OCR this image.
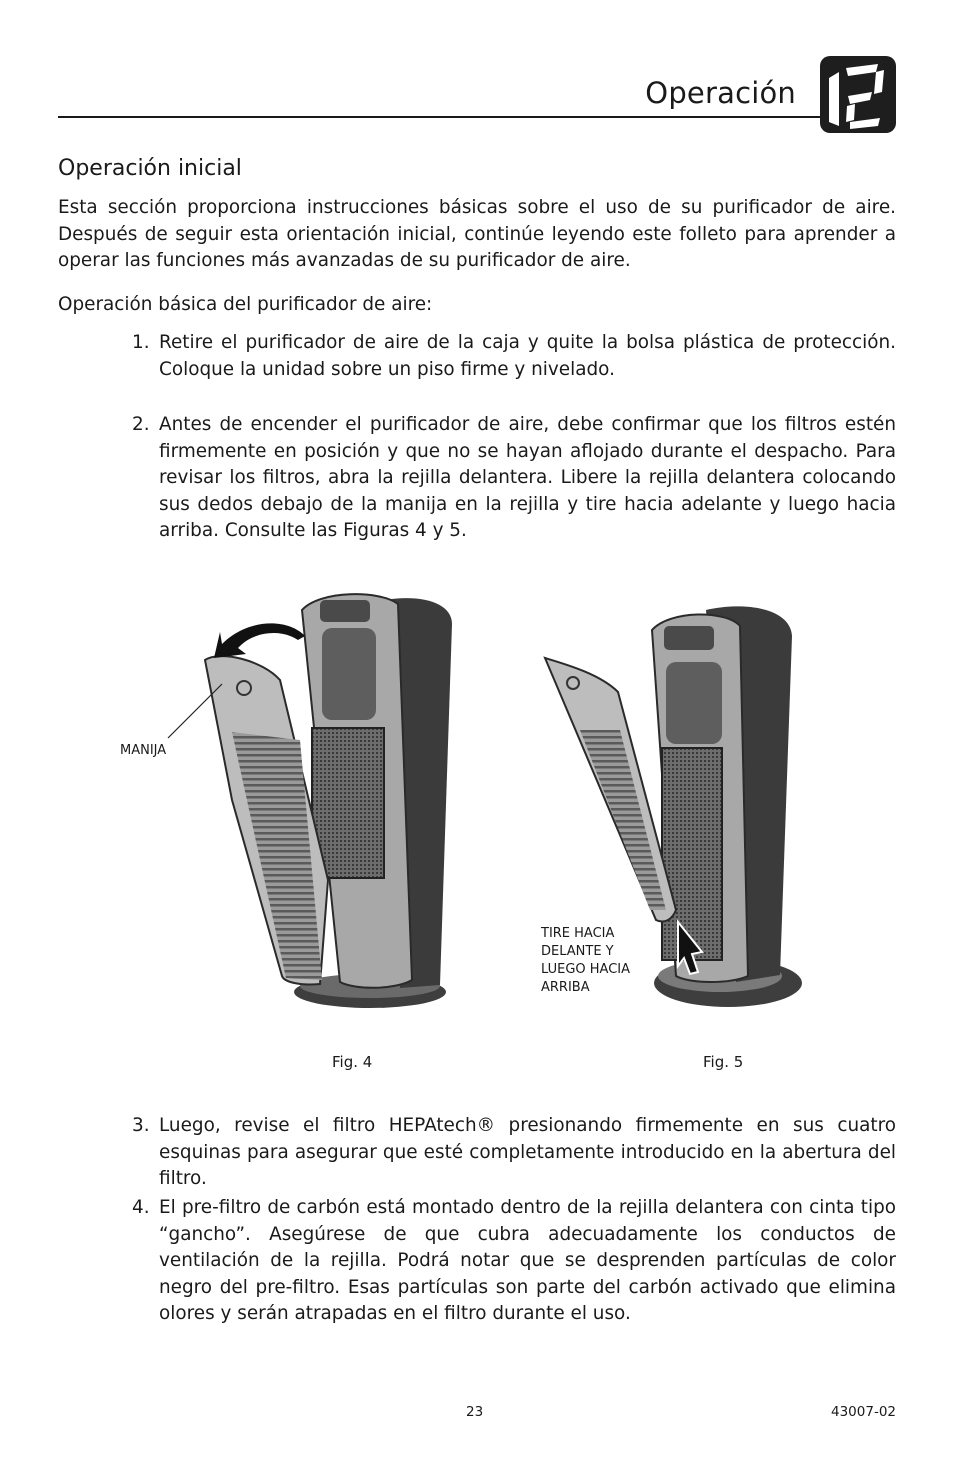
Operación
Operación inicial

Esta sección proporciona instrucciones básicas sobre el uso de su purificador de aire. Después de seguir esta orientación inicial, continúe leyendo este folleto para aprender a operar las funciones más avanzadas de su purificador de aire.

Operación básica del purificador de aire:

1. Retire el purificador de aire de la caja y quite la bolsa plástica de protección. Coloque la unidad sobre un piso firme y nivelado.
2. Antes de encender el purificador de aire, debe confirmar que los filtros estén firmemente en posición y que no se hayan aflojado durante el despacho. Para revisar los filtros, abra la rejilla delantera. Libere la rejilla delantera colocando sus dedos debajo de la manija en la rejilla y tire hacia adelante y luego hacia arriba. Consulte las Figuras 4 y 5.
MANIJA
TIRE HACIA DELANTE Y LUEGO HACIA ARRIBA
Fig. 4	Fig. 5
3. Luego, revise el filtro HEPAtech® presionando firmemente en sus cuatro esquinas para asegurar que esté completamente introducido en la abertura del filtro.
4. El pre-filtro de carbón está montado dentro de la rejilla delantera con cinta tipo “gancho”. Asegúrese de que cubra adecuadamente los conductos de ventilación de la rejilla. Podrá notar que se desprenden partículas de color negro del pre-filtro. Esas partículas son parte del carbón activado que elimina olores y serán atrapadas en el filtro durante el uso.
23	43007-02
